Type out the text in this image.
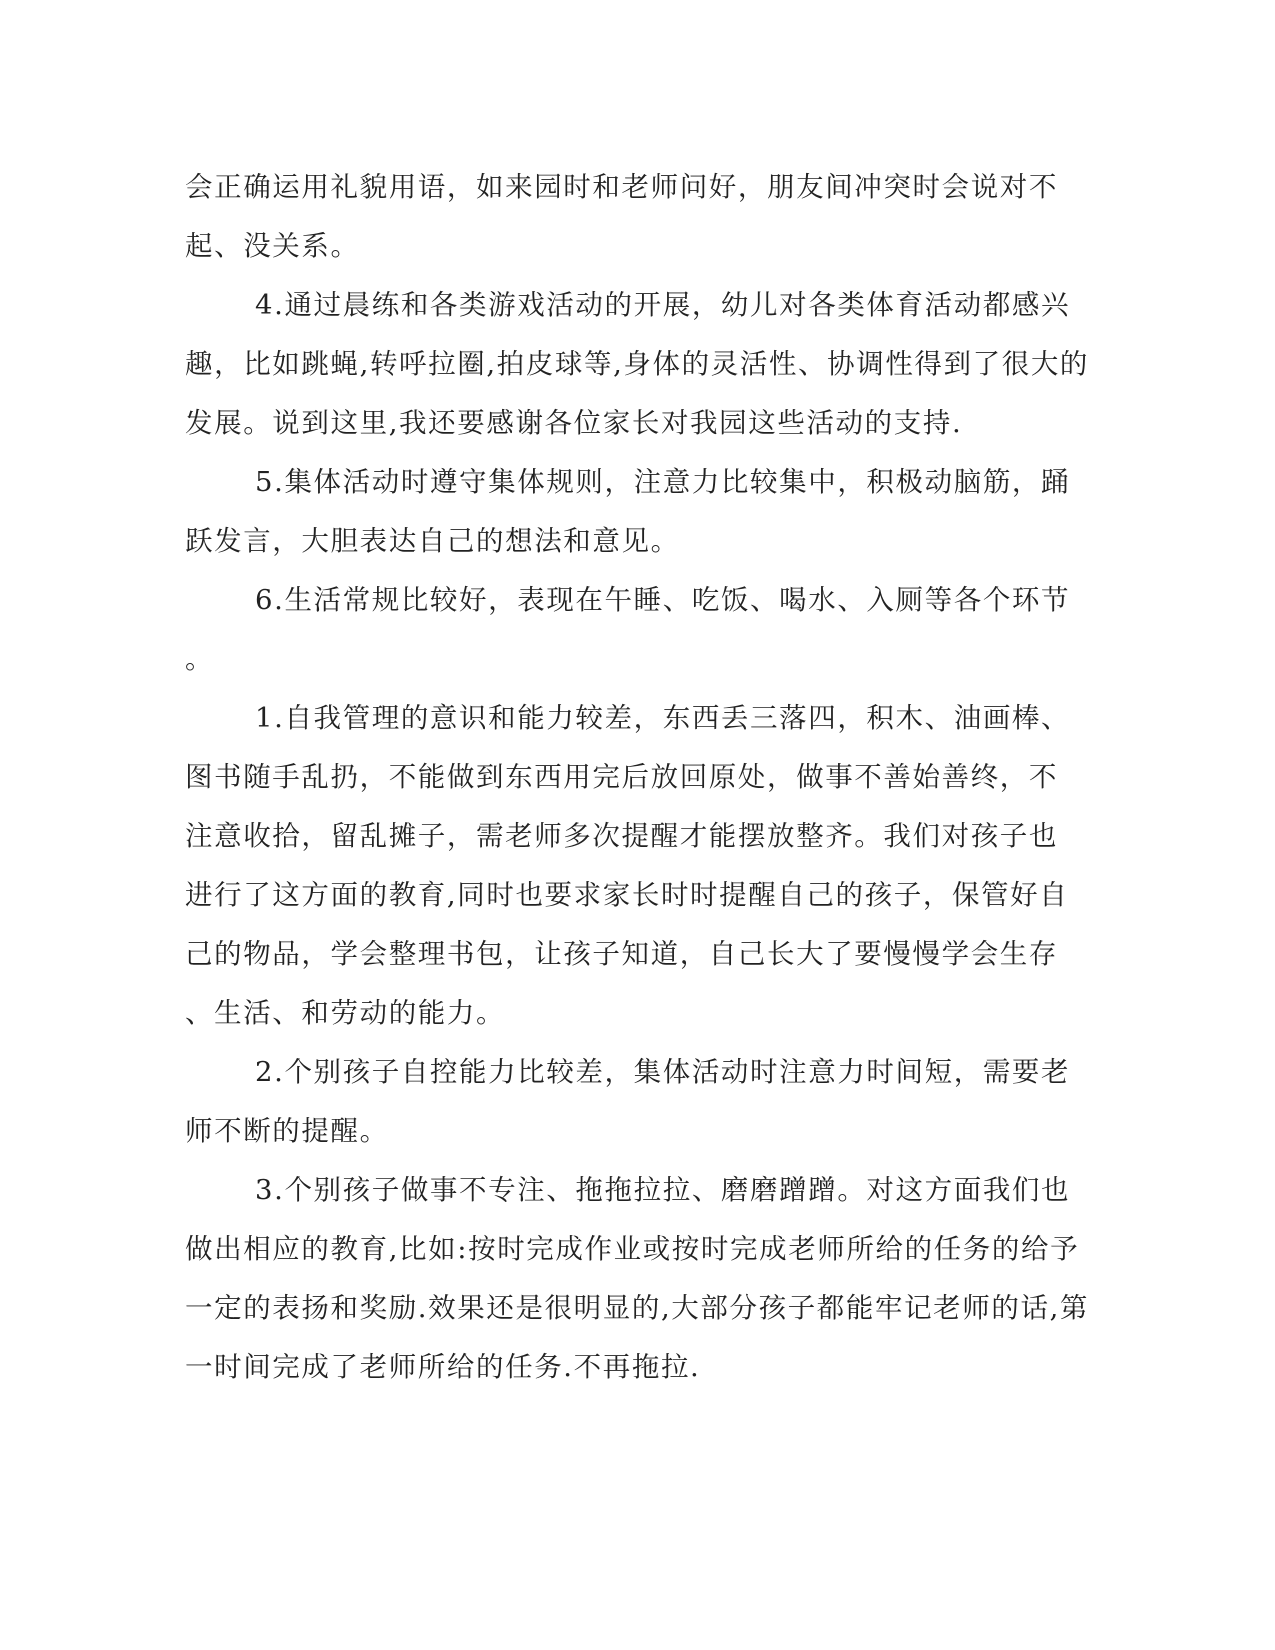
会正确运用礼貌用语，如来园时和老师问好，朋友间冲突时会说对不
起、没关系。
4.通过晨练和各类游戏活动的开展，幼儿对各类体育活动都感兴
趣，比如跳蝇,转呼拉圈,拍皮球等,身体的灵活性、协调性得到了很大的
发展。说到这里,我还要感谢各位家长对我园这些活动的支持.
5.集体活动时遵守集体规则，注意力比较集中，积极动脑筋，踊
跃发言，大胆表达自己的想法和意见。
6.生活常规比较好，表现在午睡、吃饭、喝水、入厕等各个环节
。
1.自我管理的意识和能力较差，东西丢三落四，积木、油画棒、
图书随手乱扔，不能做到东西用完后放回原处，做事不善始善终，不
注意收拾，留乱摊子，需老师多次提醒才能摆放整齐。我们对孩子也
进行了这方面的教育,同时也要求家长时时提醒自己的孩子，保管好自
己的物品，学会整理书包，让孩子知道，自己长大了要慢慢学会生存
、生活、和劳动的能力。
2.个别孩子自控能力比较差，集体活动时注意力时间短，需要老
师不断的提醒。
3.个别孩子做事不专注、拖拖拉拉、磨磨蹭蹭。对这方面我们也
做出相应的教育,比如:按时完成作业或按时完成老师所给的任务的给予
一定的表扬和奖励.效果还是很明显的,大部分孩子都能牢记老师的话,第
一时间完成了老师所给的任务.不再拖拉.
